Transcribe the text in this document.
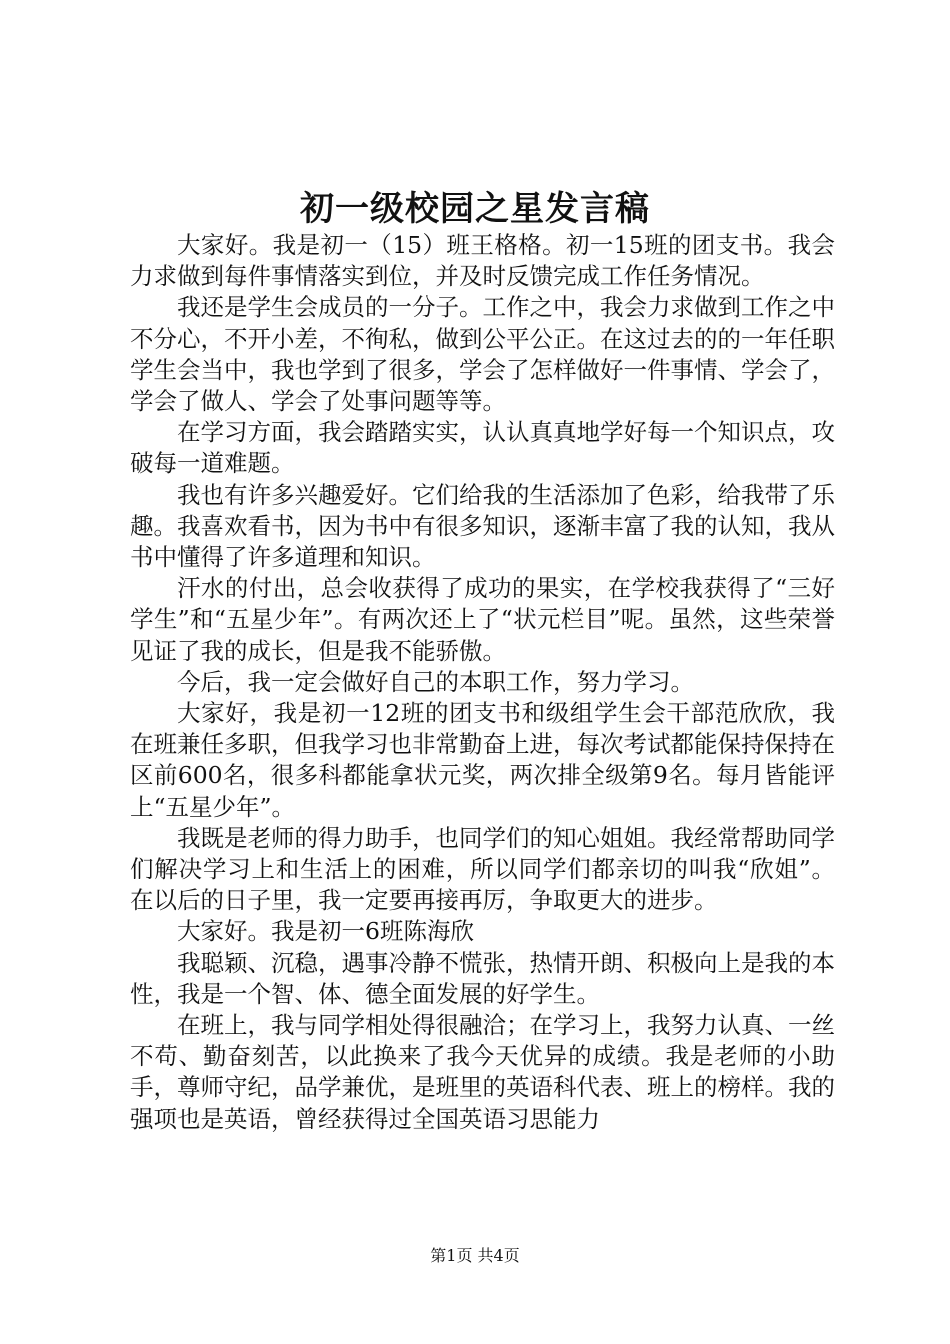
初一级校园之星发言稿

大家好。我是初一（15）班王格格。初一15班的团支书。我会力求做到每件事情落实到位，并及时反馈完成工作任务情况。

我还是学生会成员的一分子。工作之中，我会力求做到工作之中不分心，不开小差，不徇私，做到公平公正。在这过去的的一年任职学生会当中，我也学到了很多，学会了怎样做好一件事情、学会了，学会了做人、学会了处事问题等等。

在学习方面，我会踏踏实实，认认真真地学好每一个知识点，攻破每一道难题。

我也有许多兴趣爱好。它们给我的生活添加了色彩，给我带了乐趣。我喜欢看书，因为书中有很多知识，逐渐丰富了我的认知，我从书中懂得了许多道理和知识。

汗水的付出，总会收获得了成功的果实，在学校我获得了“三好学生”和“五星少年”。有两次还上了“状元栏目”呢。虽然，这些荣誉见证了我的成长，但是我不能骄傲。

今后，我一定会做好自己的本职工作，努力学习。

大家好，我是初一12班的团支书和级组学生会干部范欣欣，我在班兼任多职，但我学习也非常勤奋上进，每次考试都能保持保持在区前600名，很多科都能拿状元奖，两次排全级第9名。每月皆能评上“五星少年”。

我既是老师的得力助手，也同学们的知心姐姐。我经常帮助同学们解决学习上和生活上的困难，所以同学们都亲切的叫我“欣姐”。在以后的日子里，我一定要再接再厉，争取更大的进步。

大家好。我是初一6班陈海欣

我聪颖、沉稳，遇事冷静不慌张，热情开朗、积极向上是我的本性，我是一个智、体、德全面发展的好学生。

在班上，我与同学相处得很融洽；在学习上，我努力认真、一丝不苟、勤奋刻苦，以此换来了我今天优异的成绩。我是老师的小助手，尊师守纪，品学兼优，是班里的英语科代表、班上的榜样。我的强项也是英语，曾经获得过全国英语习思能力

第1页 共4页
